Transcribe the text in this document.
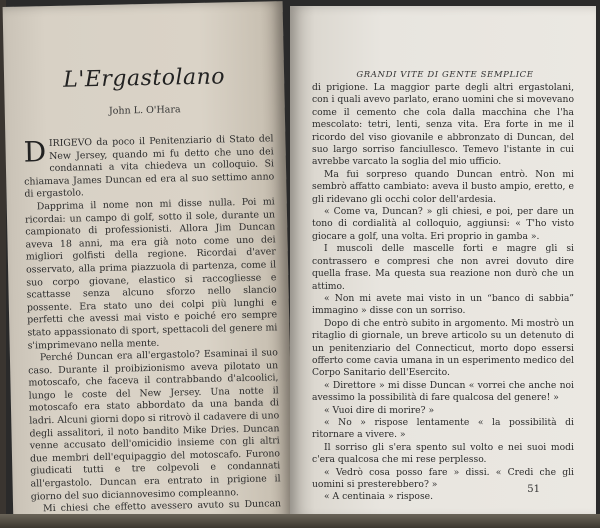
L'Ergastolano
John L. O'Hara

DIRIGEVO da poco il Penitenziario di Stato del New Jersey, quando mi fu detto che uno dei condannati a vita chiedeva un colloquio. Si chiamava James Duncan ed era al suo settimo anno di ergastolo.

Dapprima il nome non mi disse nulla. Poi mi ricordai: un campo di golf, sotto il sole, durante un campionato di professionisti. Allora Jim Duncan aveva 18 anni, ma era già noto come uno dei migliori golfisti della regione. Ricordai d'aver osservato, alla prima piazzuola di partenza, come il suo corpo giovane, elastico si raccogliesse e scattasse senza alcuno sforzo nello slancio possente. Era stato uno dei colpi più lunghi e perfetti che avessi mai visto e poiché ero sempre stato appassionato di sport, spettacoli del genere mi s'imprimevano nella mente.

Perché Duncan era all'ergastolo? Esaminai il suo caso. Durante il proibizionismo aveva pilotato un motoscafo, che faceva il contrabbando d'alcoolici, lungo le coste del New Jersey. Una notte il motoscafo era stato abbordato da una banda di ladri. Alcuni giorni dopo si ritrovò il cadavere di uno degli assalitori, il noto bandito Mike Dries. Duncan venne accusato dell'omicidio insieme con gli altri due membri dell'equipaggio del motoscafo. Furono giudicati tutti e tre colpevoli e condannati all'ergastolo. Duncan era entrato in prigione il giorno del suo diciannovesimo compleanno.

Mi chiesi che effetto avessero avuto su Duncan

GRANDI VITE DI GENTE SEMPLICE

di prigione. La maggior parte degli altri ergastolani, con i quali avevo parlato, erano uomini che si movevano come il cemento che cola dalla macchina che l'ha mescolato: tetri, lenti, senza vita. Era forte in me il ricordo del viso giovanile e abbronzato di Duncan, del suo largo sorriso fanciullesco. Temevo l'istante in cui avrebbe varcato la soglia del mio ufficio.

Ma fui sorpreso quando Duncan entrò. Non mi sembrò affatto cambiato: aveva il busto ampio, eretto, e gli ridevano gli occhi color dell'ardesia.

« Come va, Duncan? » gli chiesi, e poi, per dare un tono di cordialità al colloquio, aggiunsi: « T'ho visto giocare a golf, una volta. Eri proprio in gamba ».

I muscoli delle mascelle forti e magre gli si contrassero e compresi che non avrei dovuto dire quella frase. Ma questa sua reazione non durò che un attimo.

« Non mi avete mai visto in un “banco di sabbia” immagino » disse con un sorriso.

Dopo di che entrò subito in argomento. Mi mostrò un ritaglio di giornale, un breve articolo su un detenuto di un penitenziario del Connecticut, morto dopo essersi offerto come cavia umana in un esperimento medico del Corpo Sanitario dell'Esercito.

« Direttore » mi disse Duncan « vorrei che anche noi avessimo la possibilità di fare qualcosa del genere! »

« Vuoi dire di morire? »

« No » rispose lentamente « la possibilità di ritornare a vivere. »

Il sorriso gli s'era spento sul volto e nei suoi modi c'era qualcosa che mi rese perplesso.

« Vedrò cosa posso fare » dissi. « Credi che gli uomini si presterebbero? »

« A centinaia » rispose.

51
